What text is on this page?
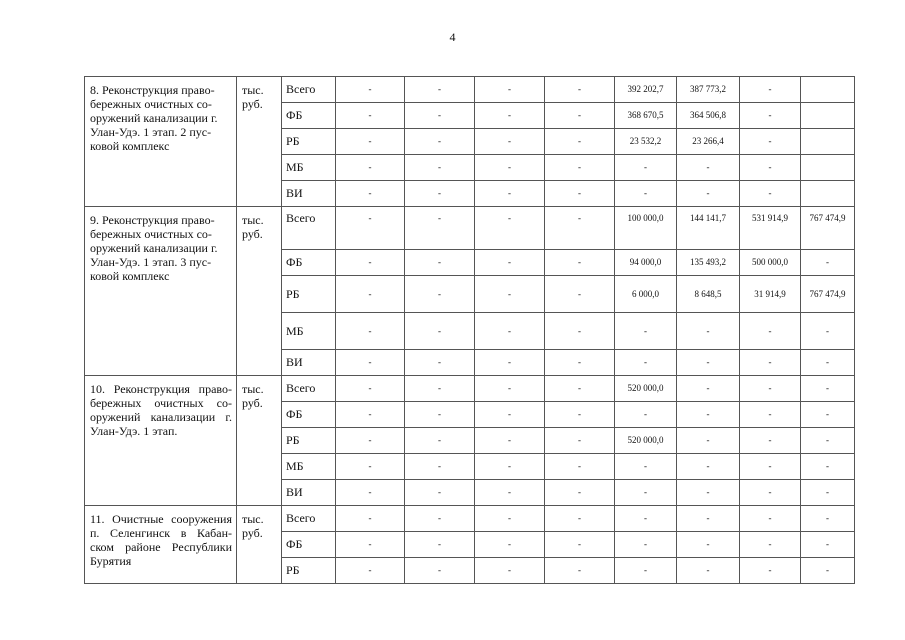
4
8. Реконструкция право-бережных очистных со-оружений канализации г. Улан-Удэ. 1 этап. 2 пус-ковой комплекс	тыс. руб.	Всего	-	-	-	-	392 202,7	387 773,2	-	
		ФБ	-	-	-	-	368 670,5	364 506,8	-	
		РБ	-	-	-	-	23 532,2	23 266,4	-	
		МБ	-	-	-	-	-	-	-	
		ВИ	-	-	-	-	-	-	-	
9. Реконструкция право-бережных очистных со-оружений канализации г. Улан-Удэ. 1 этап. 3 пус-ковой комплекс	тыс. руб.	Всего	-	-	-	-	100 000,0	144 141,7	531 914,9	767 474,9
		ФБ	-	-	-	-	94 000,0	135 493,2	500 000,0	-
		РБ	-	-	-	-	6 000,0	8 648,5	31 914,9	767 474,9
		МБ	-	-	-	-	-	-	-	-
		ВИ	-	-	-	-	-	-	-	-
10. Реконструкция право-бережных очистных со-оружений канализации г. Улан-Удэ. 1 этап.	тыс. руб.	Всего	-	-	-	-	520 000,0	-	-	-
		ФБ	-	-	-	-	-	-	-	-
		РБ	-	-	-	-	520 000,0	-	-	-
		МБ	-	-	-	-	-	-	-	-
		ВИ	-	-	-	-	-	-	-	-
11. Очистные сооружения п. Селенгинск в Кабан-ском районе Республики Бурятия	тыс. руб.	Всего	-	-	-	-	-	-	-	-
		ФБ	-	-	-	-	-	-	-	-
		РБ	-	-	-	-	-	-	-	-
